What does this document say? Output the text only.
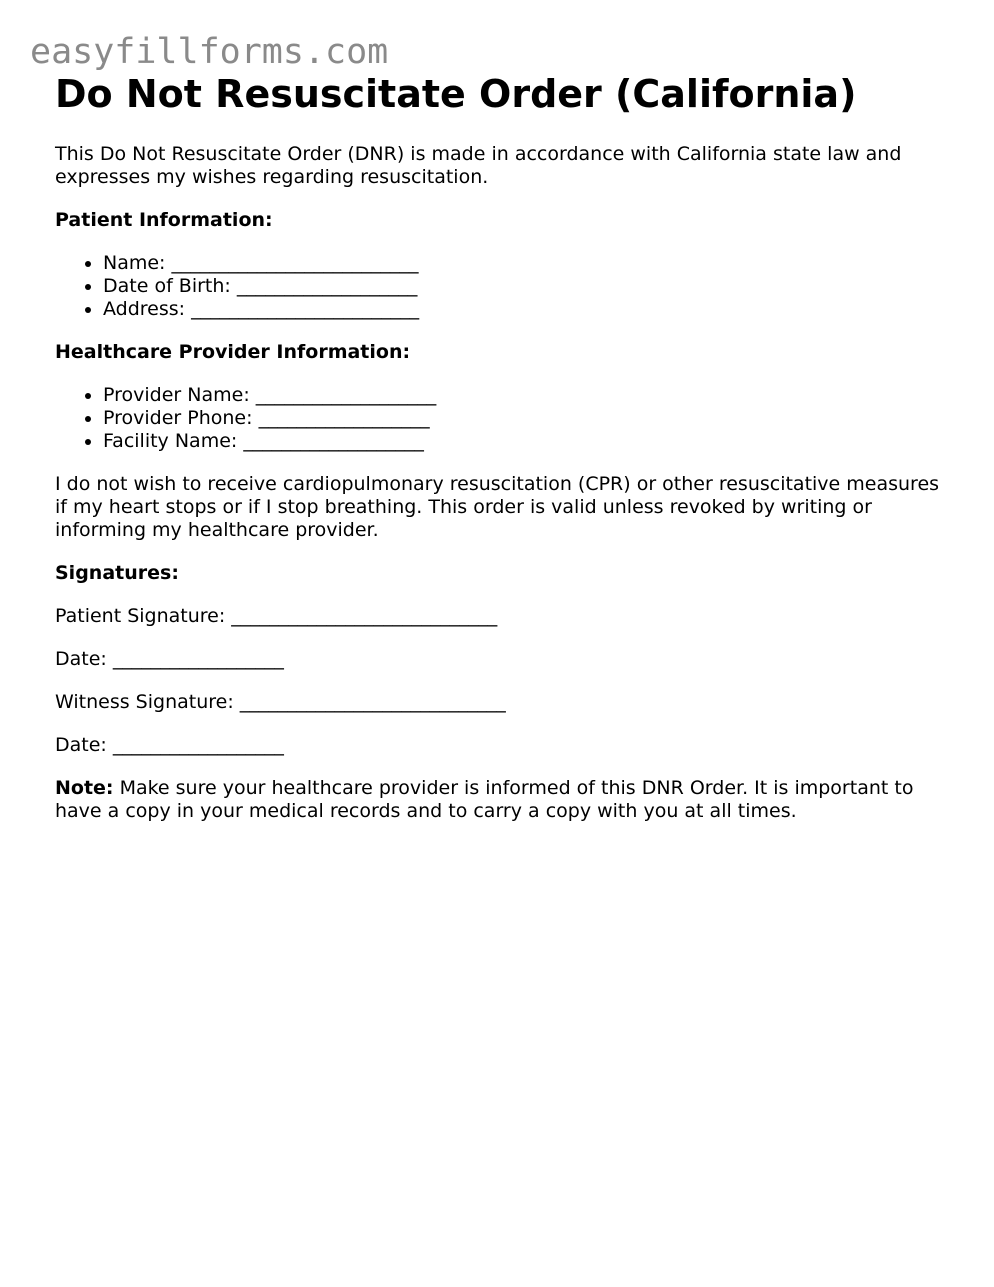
easyfillforms.com
Do Not Resuscitate Order (California)

This Do Not Resuscitate Order (DNR) is made in accordance with California state law and expresses my wishes regarding resuscitation.

Patient Information:

• Name: __________________________
• Date of Birth: ___________________
• Address: ________________________

Healthcare Provider Information:

• Provider Name: ___________________
• Provider Phone: __________________
• Facility Name: ___________________

I do not wish to receive cardiopulmonary resuscitation (CPR) or other resuscitative measures if my heart stops or if I stop breathing. This order is valid unless revoked by writing or informing my healthcare provider.

Signatures:

Patient Signature: ____________________________

Date: __________________

Witness Signature: ____________________________

Date: __________________

Note: Make sure your healthcare provider is informed of this DNR Order. It is important to have a copy in your medical records and to carry a copy with you at all times.
